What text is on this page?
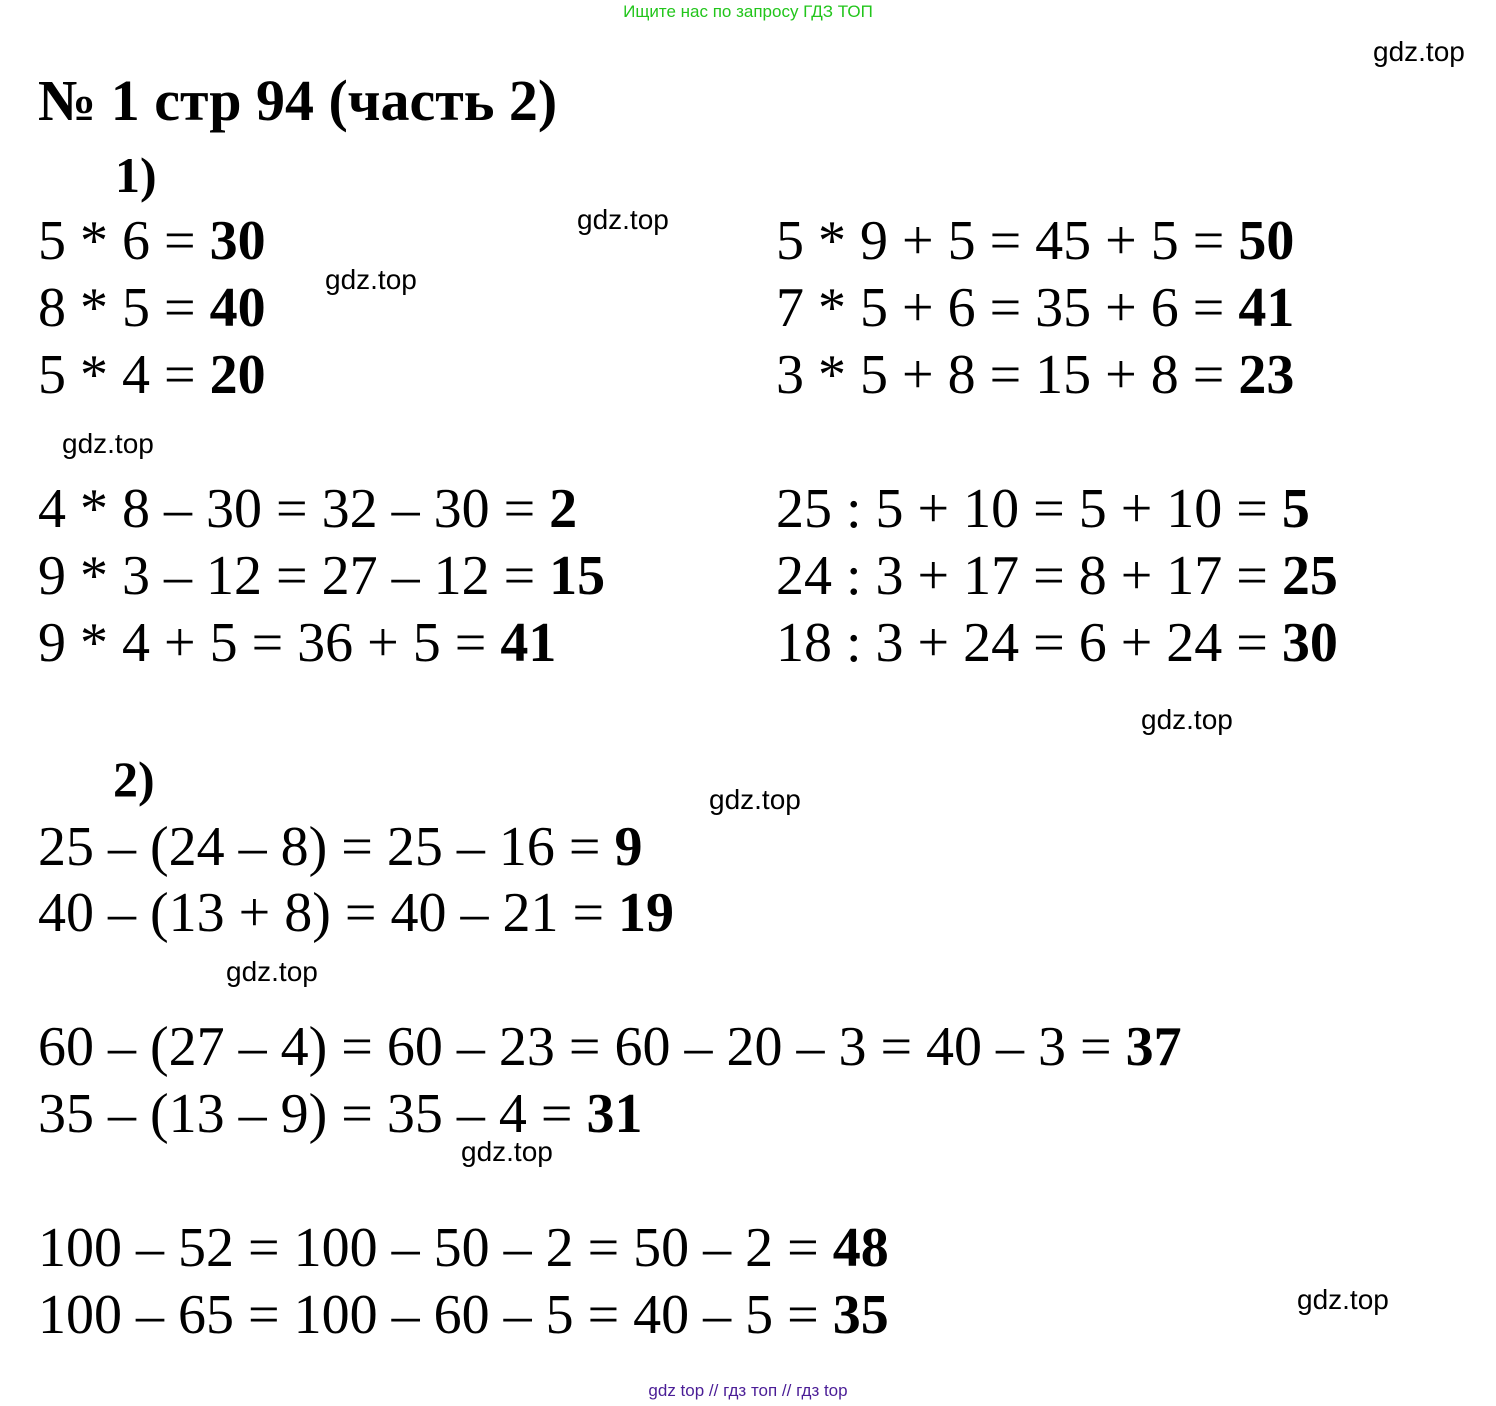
Ищите нас по запросу ГДЗ ТОП
gdz.top
gdz.top
gdz.top
gdz.top
gdz.top
gdz.top
gdz.top
gdz.top
gdz.top
№ 1 стр 94 (часть 2)
1)
5 * 6 = 30
8 * 5 = 40
5 * 4 = 20
5 * 9 + 5 = 45 + 5 = 50
7 * 5 + 6 = 35 + 6 = 41
3 * 5 + 8 = 15 + 8 = 23
4 * 8 – 30 = 32 – 30 = 2
9 * 3 – 12 = 27 – 12 = 15
9 * 4 + 5 = 36 + 5 = 41
25 : 5 + 10 = 5 + 10 = 5
24 : 3 + 17 = 8 + 17 = 25
18 : 3 + 24 = 6 + 24 = 30
2)
25 – (24 – 8) = 25 – 16 = 9
40 – (13 + 8) = 40 – 21 = 19
60 – (27 – 4) = 60 – 23 = 60 – 20 – 3 = 40 – 3 = 37
35 – (13 – 9) = 35 – 4 = 31
100 – 52 = 100 – 50 – 2 = 50 – 2 = 48
100 – 65 = 100 – 60 – 5 = 40 – 5 = 35
gdz top // гдз топ // гдз top
